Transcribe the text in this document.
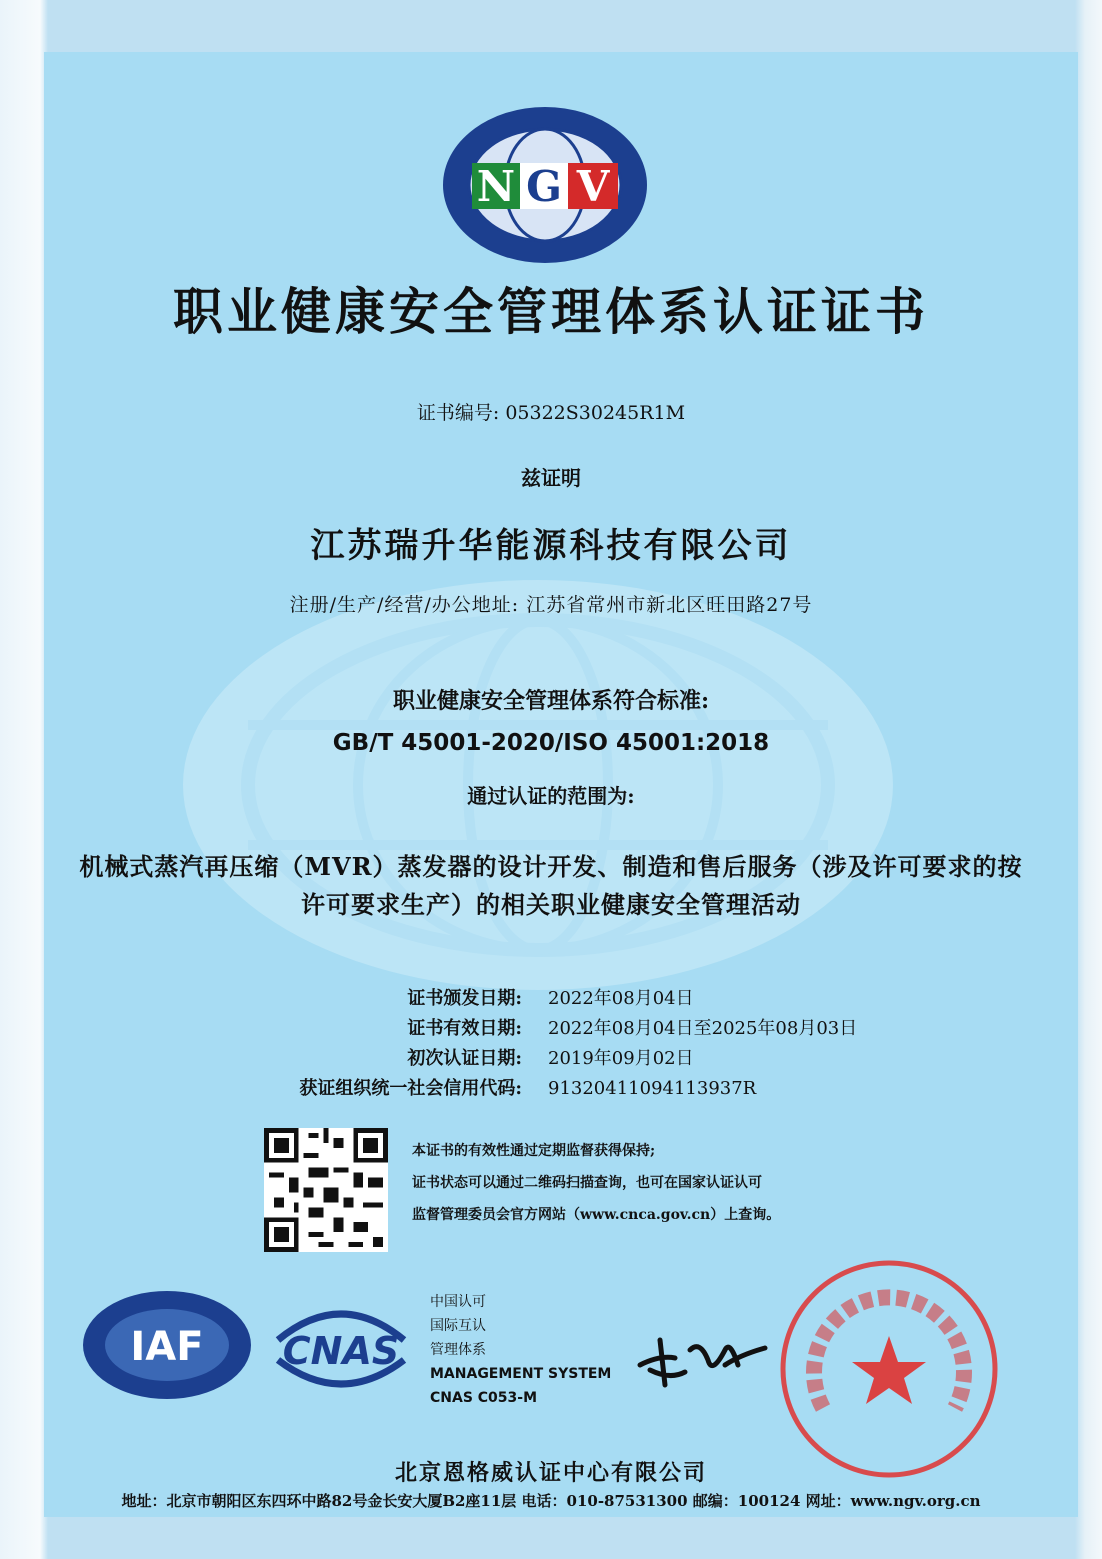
N G V
职业健康安全管理体系认证证书
证书编号: 05322S30245R1M
兹证明
江苏瑞升华能源科技有限公司
注册/生产/经营/办公地址: 江苏省常州市新北区旺田路27号
职业健康安全管理体系符合标准:
GB/T 45001-2020/ISO 45001:2018
通过认证的范围为:
机械式蒸汽再压缩（MVR）蒸发器的设计开发、制造和售后服务（涉及许可要求的按
许可要求生产）的相关职业健康安全管理活动
证书颁发日期:	2022年08月04日
证书有效日期:	2022年08月04日至2025年08月03日
初次认证日期:	2019年09月02日
获证组织统一社会信用代码:	91320411094113937R
本证书的有效性通过定期监督获得保持;
证书状态可以通过二维码扫描查询，也可在国家认证认可
监督管理委员会官方网站（www.cnca.gov.cn）上查询。
IAF CNAS
中国认可
国际互认
管理体系
MANAGEMENT SYSTEM
CNAS C053-M
北京恩格威认证中心有限公司
地址：北京市朝阳区东四环中路82号金长安大厦B2座11层 电话：010-87531300 邮编：100124 网址：www.ngv.org.cn
